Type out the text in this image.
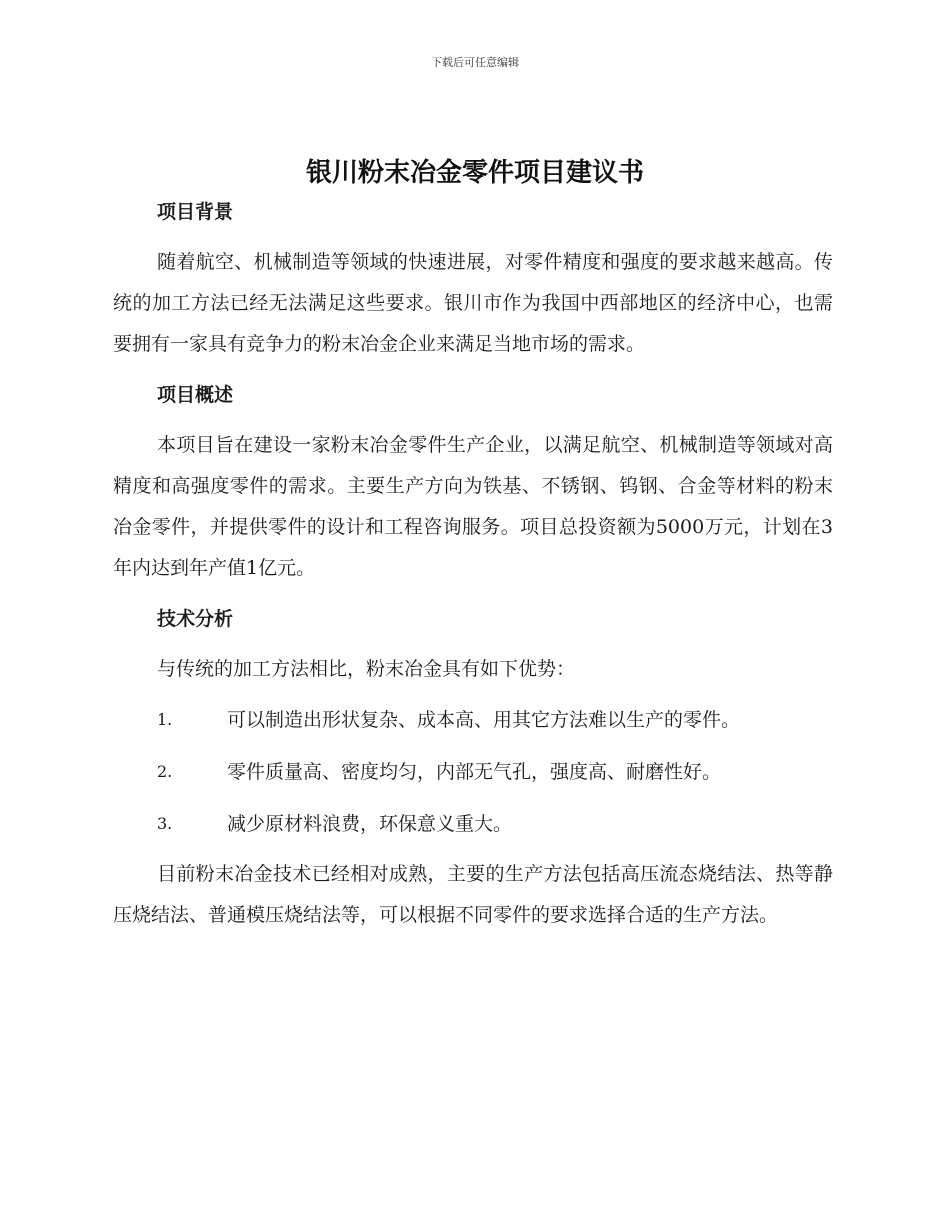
下载后可任意编辑
银川粉末冶金零件项目建议书
项目背景

随着航空、机械制造等领域的快速进展，对零件精度和强度的要求越来越高。传统的加工方法已经无法满足这些要求。银川市作为我国中西部地区的经济中心，也需要拥有一家具有竞争力的粉末冶金企业来满足当地市场的需求。

项目概述

本项目旨在建设一家粉末冶金零件生产企业，以满足航空、机械制造等领域对高精度和高强度零件的需求。主要生产方向为铁基、不锈钢、钨钢、合金等材料的粉末冶金零件，并提供零件的设计和工程咨询服务。项目总投资额为5000万元，计划在3年内达到年产值1亿元。

技术分析

与传统的加工方法相比，粉末冶金具有如下优势：

1.	可以制造出形状复杂、成本高、用其它方法难以生产的零件。
2.	零件质量高、密度均匀，内部无气孔，强度高、耐磨性好。
3.	减少原材料浪费，环保意义重大。

目前粉末冶金技术已经相对成熟，主要的生产方法包括高压流态烧结法、热等静压烧结法、普通模压烧结法等，可以根据不同零件的要求选择合适的生产方法。
